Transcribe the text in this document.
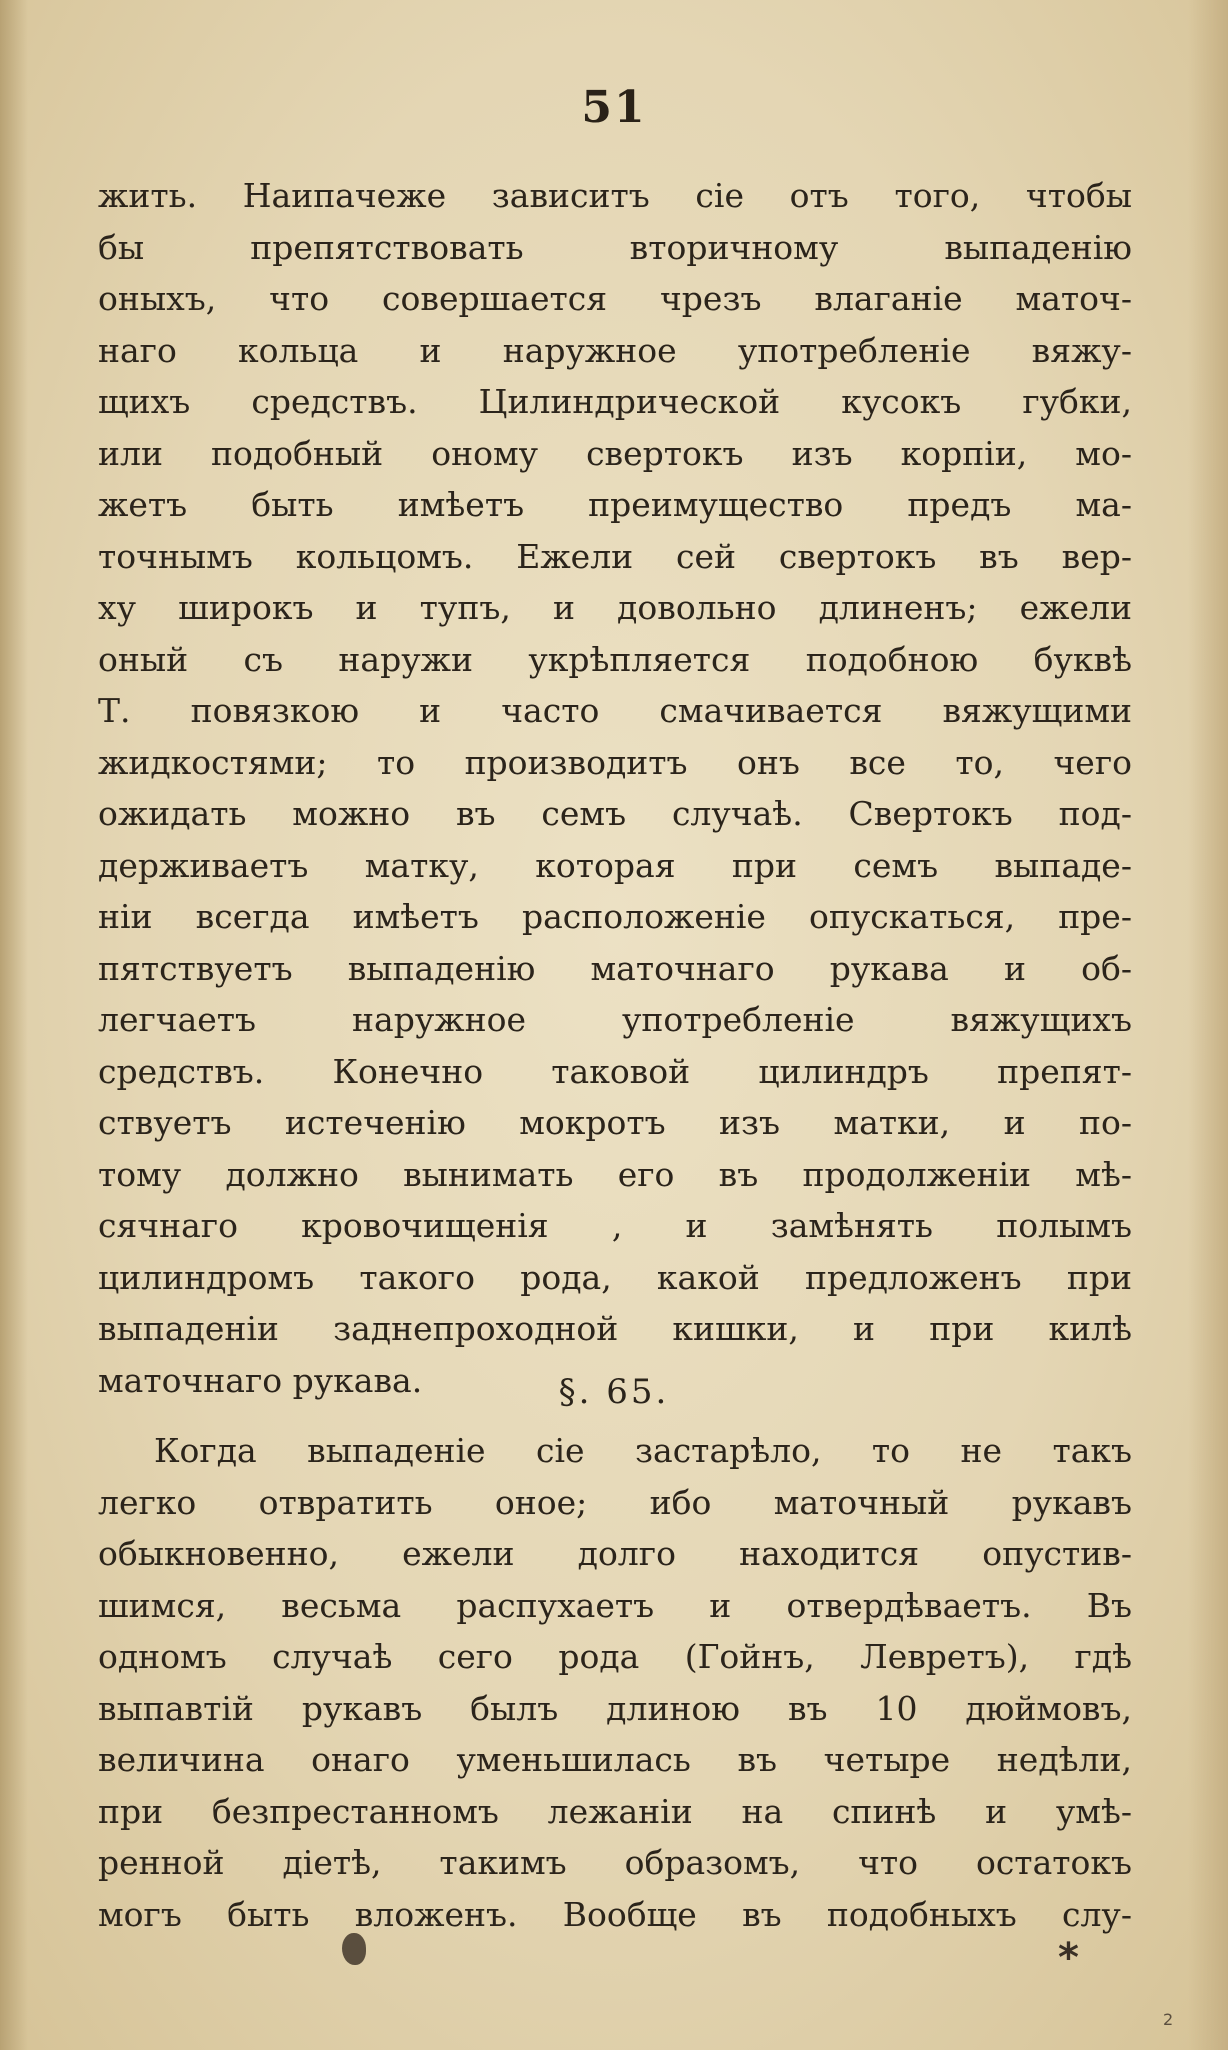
51
жить. Наипачеже зависитъ сіе отъ того, чтобы
бы препятствовать вторичному выпаденію
оныхъ, что совершается чрезъ влаганіе маточ-
наго кольца и наружное употребленіе вяжу-
щихъ средствъ. Цилиндрической кусокъ губки,
или подобный оному свертокъ изъ корпіи, мо-
жетъ быть имѣетъ преимущество предъ ма-
точнымъ кольцомъ. Ежели сей свертокъ въ вер-
ху широкъ и тупъ, и довольно длиненъ; ежели
оный съ наружи укрѣпляется подобною буквѣ
Т. повязкою и часто смачивается вяжущими
жидкостями; то производитъ онъ все то, чего
ожидать можно въ семъ случаѣ. Свертокъ под-
держиваетъ матку, которая при семъ выпаде-
ніи всегда имѣетъ расположеніе опускаться, пре-
пятствуетъ выпаденію маточнаго рукава и об-
легчаетъ наружное употребленіе вяжущихъ
средствъ. Конечно таковой цилиндръ препят-
ствуетъ истеченію мокротъ изъ матки, и по-
тому должно вынимать его въ продолженіи мѣ-
сячнаго кровочищенія , и замѣнять полымъ
цилиндромъ такого рода, какой предложенъ при
выпаденіи заднепроходной кишки, и при килѣ
маточнаго рукава.	§. 65.
Когда выпаденіе сіе застарѣло, то не такъ
легко отвратить оное; ибо маточный рукавъ
обыкновенно, ежели долго находится опустив-
шимся, весьма распухаетъ и отвердѣваетъ. Въ
одномъ случаѣ сего рода (Гойнъ, Левретъ), гдѣ
выпавтій рукавъ былъ длиною въ 10 дюймовъ,
величина онаго уменьшилась въ четыре недѣли,
при безпрестанномъ лежаніи на спинѣ и умѣ-
ренной діетѣ, такимъ образомъ, что остатокъ
могъ быть вложенъ. Вообще въ подобныхъ слу-
*
2
